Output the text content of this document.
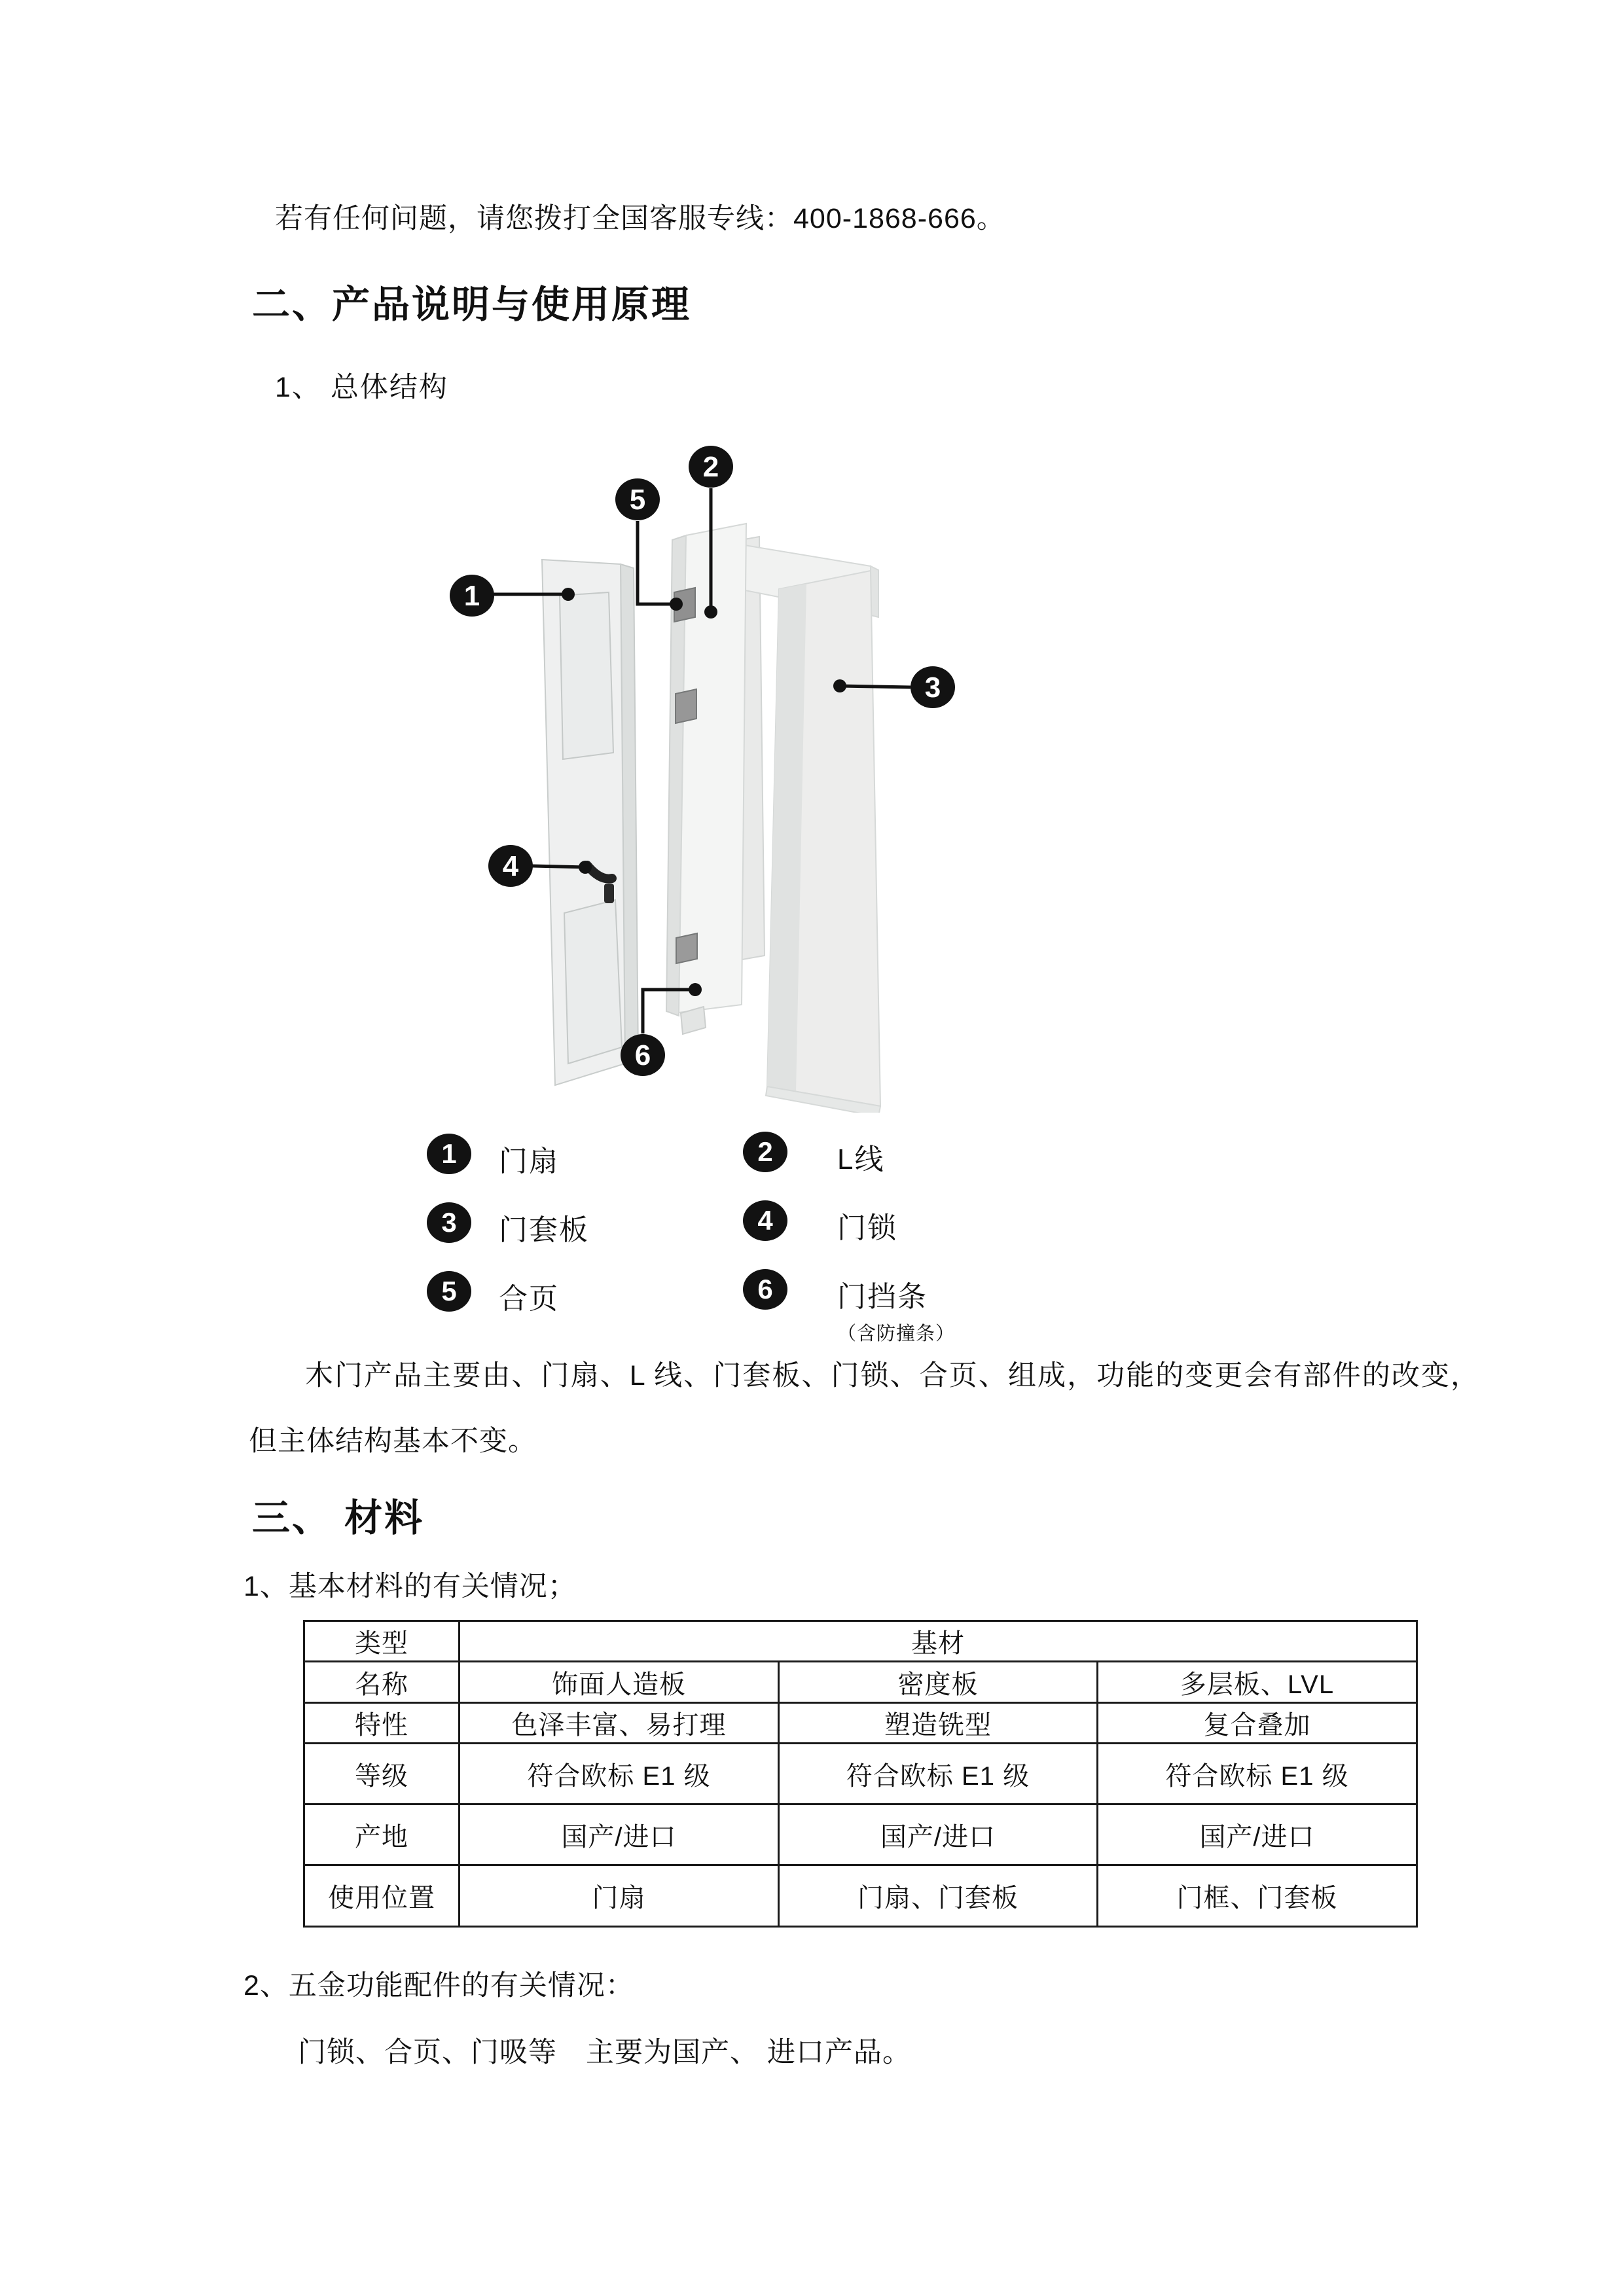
若有任何问题，请您拨打全国客服专线：400-1868-666。
二、产品说明与使用原理
1、 总体结构
1
2
3
4
5
6
1	门扇	2	L线
3	门套板	4	门锁
5	合页	6	门挡条
（含防撞条）
木门产品主要由、门扇、L 线、门套板、门锁、合页、组成，功能的变更会有部件的改变，但主体结构基本不变。
三、 材料
1、基本材料的有关情况；
类型	基材		
名称	饰面人造板	密度板	多层板、LVL
特性	色泽丰富、易打理	塑造铣型	复合叠加
等级	符合欧标 E1 级	符合欧标 E1 级	符合欧标 E1 级
产地	国产/进口	国产/进口	国产/进口
使用位置	门扇	门扇、门套板	门框、门套板
2、五金功能配件的有关情况：
门锁、合页、门吸等　主要为国产、 进口产品。
